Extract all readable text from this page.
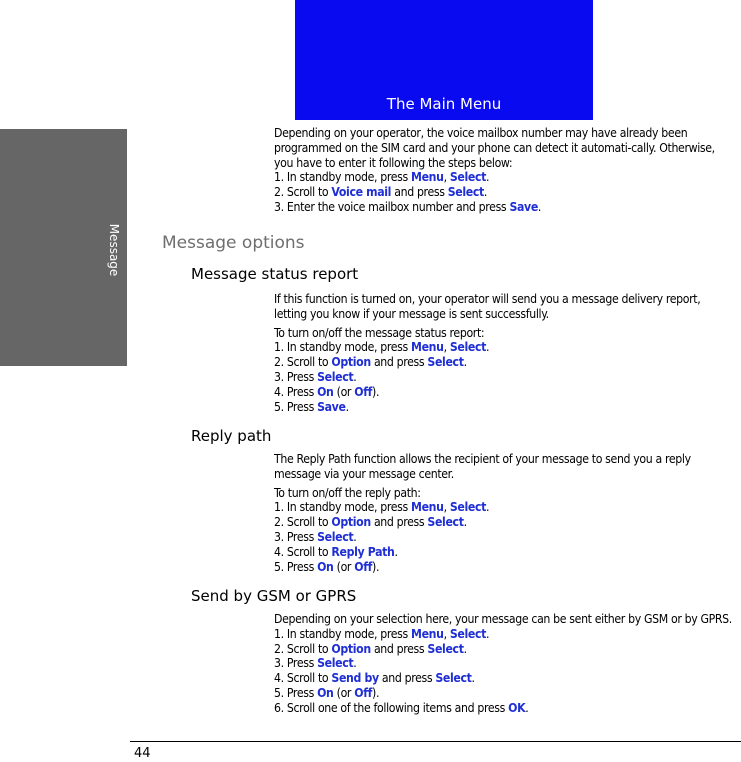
The Main Menu
Message

Depending on your operator, the voice mailbox number may have already been programmed on the SIM card and your phone can detect it automati-cally. Otherwise, you have to enter it following the steps below:

1. In standby mode, press Menu, Select.
2. Scroll to Voice mail and press Select.
3. Enter the voice mailbox number and press Save.
Message options
Message status report

If this function is turned on, your operator will send you a message delivery report, letting you know if your message is sent successfully.

To turn on/off the message status report:
1. In standby mode, press Menu, Select.
2. Scroll to Option and press Select.
3. Press Select.
4. Press On (or Off).
5. Press Save.
Reply path

The Reply Path function allows the recipient of your message to send you a reply message via your message center.

To turn on/off the reply path:
1. In standby mode, press Menu, Select.
2. Scroll to Option and press Select.
3. Press Select.
4. Scroll to Reply Path.
5. Press On (or Off).
Send by GSM or GPRS

Depending on your selection here, your message can be sent either by GSM or by GPRS.

1. In standby mode, press Menu, Select.
2. Scroll to Option and press Select.
3. Press Select.
4. Scroll to Send by and press Select.
5. Press On (or Off).
6. Scroll one of the following items and press OK.
44
